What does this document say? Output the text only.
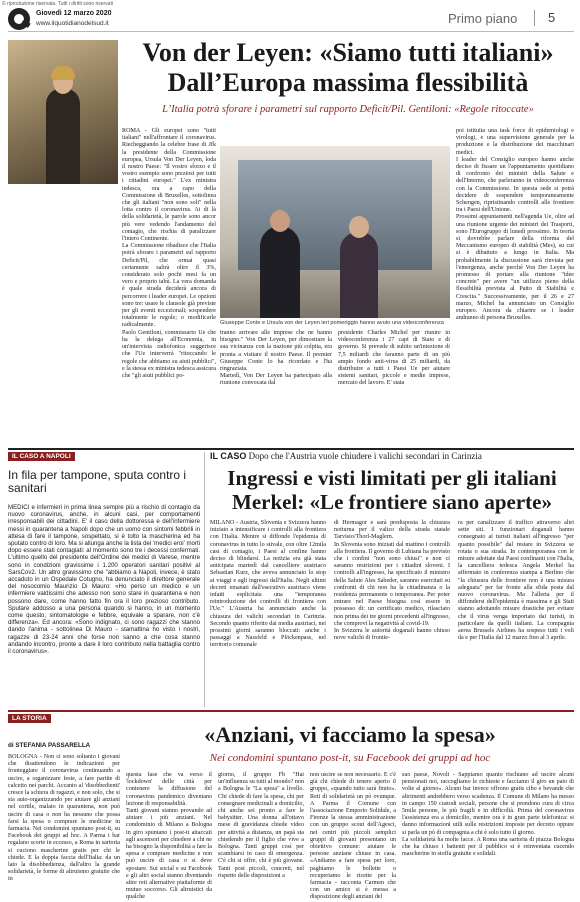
© riproduzione riservata. Tutti i diritti sono riservati
Giovedì 12 marzo 2020
www.ilquotidianodelsud.it	Primo piano 5
Von der Leyen: «Siamo tutti italiani»
Dall’Europa massima flessibilità
L’Italia potrà sforare i parametri sul rapporto Deficit/Pil. Gentiloni: «Regole ritoccate»
ROMA - Gli europei sono "tutti italiani" nell'affrontare il coronavirus. Riecheggiando la celebre frase di Jfk la presidente della Commissione europea, Ursula Von Der Leyen, loda il nostro Paese: "Il vostro sforzo e il vostro esempio sono preziosi per tutti i cittadini europei." L'ex ministra tedesca, ora a capo della Commissione di Bruxelles, sottolinea che gli italiani "non sono soli" nella lotta contro il coronavirus. Ai di là della solidarietà, le parole sono ancor più vere vedendo l'andamento del contagio, che rischia di paralizzare l'intero Continente.
La Commissione ribadisce che l'Italia potrà sforare i parametri sul rapporto Deficit/Pil, che ormai quasi certamente salirà oltre il 3%, considerato solo pochi mesi fa un vero e proprio tabù. La vera domanda è quale strada deciderà ancora di percorrere i leader europei. Le opzioni sono tre: usare le clausole già previste per gli eventi eccezionali; sospendere totalmente le regole; o modificarle radicalmente.
Paolo Gentiloni, commissario Ue che ha la delega all'Economia, in un'intervista radiofonica suggerisce che l'Ue interverrà "ritoccando le regole che abbiamo su aiuti pubblici", e la stessa ex ministra tedesca assicura che "gli aiuti pubblici po-
Giuseppe Conte e Ursula von der Leyen ieri pomeriggio hanno avuto una videoconferenza
tranno arrivare alle imprese che ne hanno bisogno." Von Der Leyen, per dimostrare la sua vicinanza con la nazione più colpita, era pronta a visitare il nostro Paese. Il premier Giuseppe Conte lo ha ricordato e l'ha ringraziata.
Martedì, Von Der Leyen ha partecipato alla riunione convocata dal
presidente Charles Michel per riunire in videoconferenza i 27 capi di Stato e di governo. Si prevede di subito un'iniezione di 7,5 miliardi che faranno parte di un più ampio fondo anti-virus di 25 miliardi, da distribuire a tutti i Paesi Ue per aiutare sistemi sanitari, piccole e medie imprese, mercato del lavoro. E' stata
poi istituita una task force di epidemiologi e virologi, e una supervisione generale per la produzione e la distribuzione dei macchinari medici.
I leader del Consiglio europeo hanno anche deciso di fissare un l'appuntamento quotidiano di confronto dei ministri della Salute e dell'Interno, che parleranno in videoconferenza con la Commissione. In questa sede si potrà decidere di sospendere temporaneamente Schengen, ripristinando controlli alle frontiere tra i Paesi dell'Unione.
Prossimi appuntamenti nell'agenda Ue, oltre ad una riunione urgente dei ministri dei Trasporti, sono l'Eurogruppo di lunedì prossimo. In teoria si dovrebbe parlare della riforma del Meccanismo europeo di stabilità (Mes), su cui si è dibattuto a lungo in Italia. Ma probabilmente la discussione sarà rinviata per l'emergenza, anche perché Von Der Leyen ha promesso di portare alla riunione "idee concrete" per avere "un utilizzo pieno della flessibilità prevista al Patto di Stabilità e Crescita." Successivamente, per il 26 e 27 marzo, Michel ha annunciato un Consiglio europeo. Ancora da chiarire se i leader andranno di persona Bruxelles.
IL CASO A NAPOLI
In fila per tampone, sputa contro i sanitari
MEDICI e infermieri in prima linea sempre più a rischio di contagio da nuovo coronavirus, anche, in alcuni casi, per comportamenti irresponsabili dei cittadini. E' il caso della dottoressa e dell'infermiere messi in quarantena a Napoli dopo che un uomo con sintomi febbrili in attesa di fare il tampone, sospettato, si è tolto la mascherina ed ha sputato contro di loro. Ma si allunga anche la lista dei 'medici eroi' morti dopo essere stati contagiati: al momento sono tre i decessi confermati. L'ultimo quello del presidente dell'Ordine dei medici di Varese, mentre sono in condizioni gravissime i 1.200 operatori sanitari positivi al SarsCov2. Un altro gravissimo che "abbiamo a Napoli, invece, è stato accaduto in un Ospedale Cotugno, ha denunciato il direttore generale del nosocomio Maurizio Di Mauro: «Ho perso un medico e un infermiere valdissimi che adesso non sono stare in quarantena e non possono dare, come hanno fatto fin ora il loro prezioso contributo. Sputare addosso a una persona quando si hanno, in un momento come questo, sintomatologie e febbre, equivale a sparare, non c'è differenza». Ed ancora: «Sono indignato, ci sono ragazzi che stanno dando l'anima - sottolinea Di Mauro - stamattina ho visto i nostri, ragazze di 23-24 anni che forse non sanno a che cosa stanno andando incontro, pronte a dare il loro contributo nella battaglia contro il coronavirus».
IL CASO Dopo che l'Austria vuole chiudere i valichi secondari in Carinzia
Ingressi e visti limitati per gli italiani
Merkel: «Le frontiere siano aperte»
MILANO - Austria, Slovenia e Svizzera hanno iniziato a intensificare i controlli alla frontiera con l'Italia. Mentre si diffonde l'epidemia di coronavirus in tutto lo stivale, con oltre 12mila casi di contagio, i Paesi al confine hanno deciso di blindarsi. La notizia era già stata anticipata martedì dal cancelliere austriaco Sebastian Kurz, che aveva annunciato lo stop ai viaggi e agli ingressi dall'Italia. Negli ultimi decreti emanati dall'esecutivo austriaco viene infatti esplicitata una "temporanea reintroduzione dei controlli di frontiera con l'Ue." L'Austria ha annunciato anche la chiusura dei valichi secondari in Carinzia. Secondo quanto riferito dai media austriaci, nei prossimi giorni saranno bloccati: anche i passaggi a Nassfeld e Plöckenpass, nel territorio comunale
di Hermagor e sarà predisposta la chiusura notturna per il valico della strada statale Tarvisio/Thorl-Maglern.
In Slovenia sono iniziati dal mattino i controlli alla frontiera. Il governo di Lubiana ha previsto che i confini "non sono chiusi" e non ci saranno restrizioni per i cittadini sloveni. I controlli all'ingresso, ha specificato il ministro della Salute Ales Sabeder, saranno esercitati su confronti di chi non ha la cittadinanza o la residenza permanente o temporanea. Per poter entrare nel Paese bisogna così essere in possesso di: un certificato medico, rilasciato non prima dei tre giorni precedenti all'ingresso, che comprovi la negatività al covid-19.
In Svizzera le autorità doganali hanno chiuso nove valichi di frontie-
ra per canalizzare il traffico attraverso altri sette siti. I funzionari doganali hanno consegnato ai turisti italiani all'ingresso "per quanto possibile" dal restare in Svizzera se rotata o sua strada. In contemporanea con le misure adottate dai Paesi confinanti con l'Italia, la cancelliera tedesca Angela Merkel ha affermato in conferenza stampa a Berlino che "la chiusura delle frontiere non è una misura adeguata" per far fronte alla sfida posta dal nuovo coronavirus. Ma l'allerta per il diffondersi dell'epidemia è massima e gli Stati stanno adottando misure drastiche per evitare che il virus venga importato dai turisti, in particolare da quelli italiani. La compagnia aerea Brussels Airlines ha sospeso tutti i voli da e per l'Italia dal 12 marzo fino al 3 aprile.
LA STORIA
di STEFANIA PASSARELLA	«Anziani, vi facciamo la spesa»
Nei condomini spuntano post-it, su Facebook dei gruppi ad hoc
BOLOGNA - Non ci sono soltanto i giovani che disattendono le indicazioni per fronteggiare il coronavirus continuando a uscire, a organizzare feste, a fare partite di calcetto nei parchi. Accanto al 'disobbedienti' cresce la schiera di ragazzi, e non solo, che si sta auto-organizzando per aiutare gli anziani nel cortile, malato in quarantena, non può uscire di casa o non ha nessuno che possa farsi la spesa o comprare le medicine in farmacia. Nei condomini spuntano post-it, su Facebook dei gruppi ad hoc. A Parma i bar regalano scorte in eccesso, a Roma in sartoria si cuciono mascherine gratis per chi le chiede. E la doppia faccia dell'Italia: da un lato la disobbedienza, dall'altro la grande solidarietà, le forme di altruismo gratuite che in
questa fase che va verso il 'lockdown' delle città per contenere la diffusione del coronavirus pandemico diventano lezione di responsabilità.
Tanti giovani stanno provando ad aiutare i più anziani. Nel condominio di Milano a Bologna in giro spuntano i post-it attaccati agli ascensori per chiedere a chi ne ha bisogno la disponibilità a fare la spesa e comprare medicine e non può uscire di casa o si deve spostare. Sui social e su Facebook e gli altri social stanno diventando altre reti alternative piattaforme di mutuo soccorso. Gli altruistici da qualche
giorno, il gruppo Fb "Hai un'influenza su tutti al mondo? non a Bologna le "La spesa" a livello. Chi chiede di fare la spesa, chi per consegnare medicinali a domicilio, chi anche sei pronto a fare le babysitter. Una donna all'ottavo mese di gravidanza chiede video per attività a distanza, un papà sta chiedendo per il figlio che vive a Bologna. Tanti gruppi così per scambiarsi in caso di emergenza. C'è chi si offre, chi è più giovane. Tanti post piccoli, concreti, nel rispetto delle disposizioni a
non uscire se non necessario. E c'è già chi chiede di tenere aperto il gruppo, «quando tutto sarà finito». Reti di solidarietà un pò ovunque. A Parma il Comune con l'associazione Emporio Solidale, a Firenze la stessa amministrazione con un gruppo scout dell'Agesci, nei centri più piccoli semplici gruppi di giovani presentano un obiettivo comune: aiutare le persone anziane chiuse in casa. «Andiamo a fare spesa per loro, paghiamo le bollette o recuperiamo le ricette per la farmacia - racconta Carmen che con un amico si è messa a disposizione degli anziani del
suo paese, Novoli - Sappiamo quanto rischiano ad uscire alcuni pensionati noi, raccogliamo le richieste e facciamo il giro un paio di volte al giorno». Alcuni bar invece offrono gratis cibo e bevande che altrimenti andrebbero verso scadenza. Il Comune di Milano ha messo in campo 150 custodi sociali, persone che si prendono cura di circa 5mila persone, le più fragili e in difficoltà. Prima del coronavirus l'assistenza era a domicilio, mentre ora è in gran parte telefonica: si danno informazioni utili sulle restrizioni imposte per decreto oppure si parla un pò di compagnia a chi è solo tutto il giorno.
La solidarietà ha molte facce. A Roma una sartoria di piazza Bologna che ha chiuso i battenti per il pubblico si è reinventata cucendo mascherine in stoffa gratuite e solidali.
